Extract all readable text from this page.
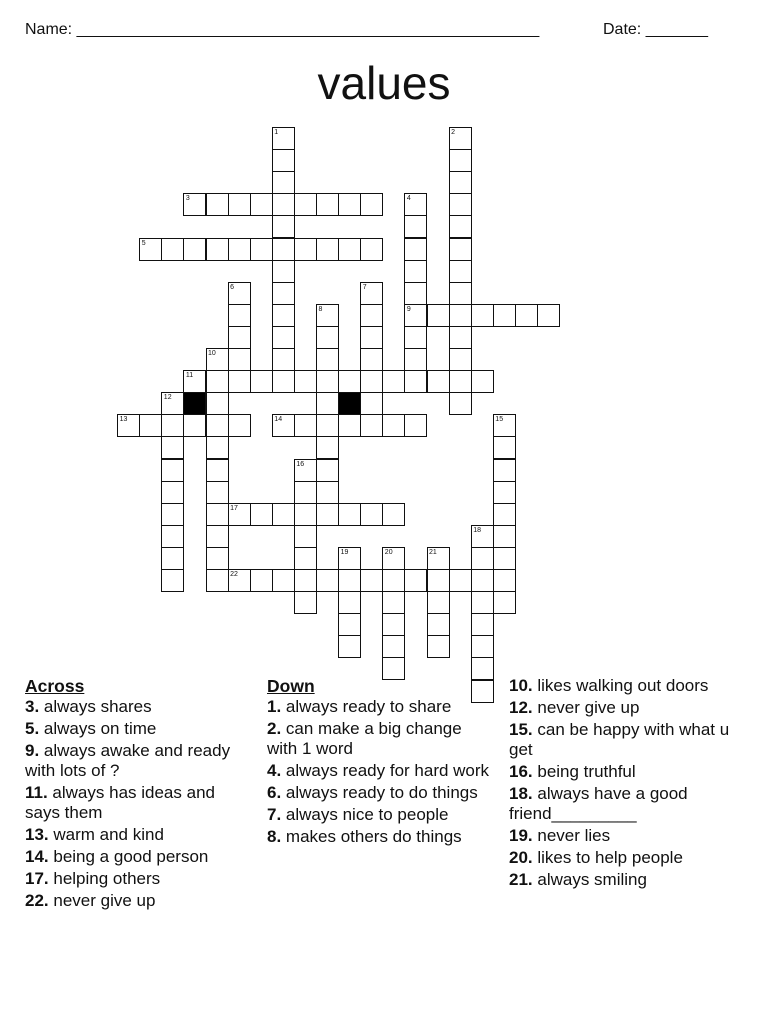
Name: ____________________________________________________	Date: _______
values
1	2
3	4
5
6	7
8	9
10
11
12
13	14	15
16
17
18
19	20	21
22
Across
3. always shares
5. always on time
9. always awake and ready with lots of ?
11. always has ideas and says them
13. warm and kind
14. being a good person
17. helping others
22. never give up
Down
1. always ready to share
2. can make a big change with 1 word
4. always ready for hard work
6. always ready to do things
7. always nice to people
8. makes others do things
10. likes walking out doors
12. never give up
15. can be happy with what u get
16. being truthful
18. always have a good friend_________
19. never lies
20. likes to help people
21. always smiling
